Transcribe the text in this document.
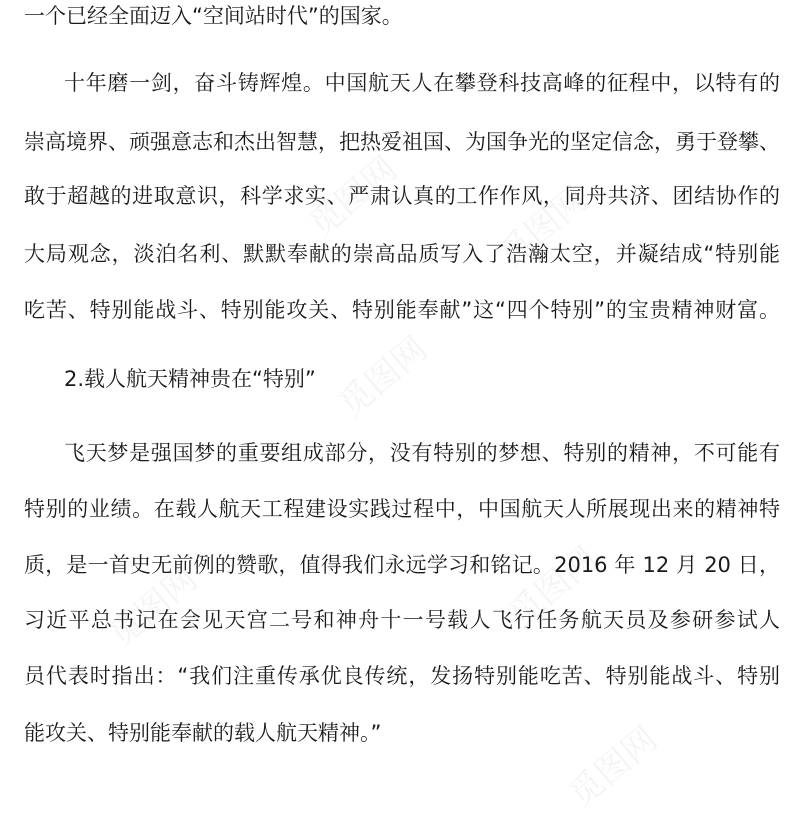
觅图网	觅图网
觅图网
觅图网	觅图网
觅图网
一个已经全面迈入“空间站时代”的国家。
十年磨一剑，奋斗铸辉煌。中国航天人在攀登科技高峰的征程中，以特有的
崇高境界、顽强意志和杰出智慧，把热爱祖国、为国争光的坚定信念，勇于登攀、
敢于超越的进取意识，科学求实、严肃认真的工作作风，同舟共济、团结协作的
大局观念，淡泊名利、默默奉献的崇高品质写入了浩瀚太空，并凝结成“特别能
吃苦、特别能战斗、特别能攻关、特别能奉献”这“四个特别”的宝贵精神财富。
2.载人航天精神贵在“特别”
飞天梦是强国梦的重要组成部分，没有特别的梦想、特别的精神，不可能有
特别的业绩。在载人航天工程建设实践过程中，中国航天人所展现出来的精神特
质，是一首史无前例的赞歌，值得我们永远学习和铭记。2016 年 12 月 20 日，
习近平总书记在会见天宫二号和神舟十一号载人飞行任务航天员及参研参试人
员代表时指出：“我们注重传承优良传统，发扬特别能吃苦、特别能战斗、特别
能攻关、特别能奉献的载人航天精神。”
